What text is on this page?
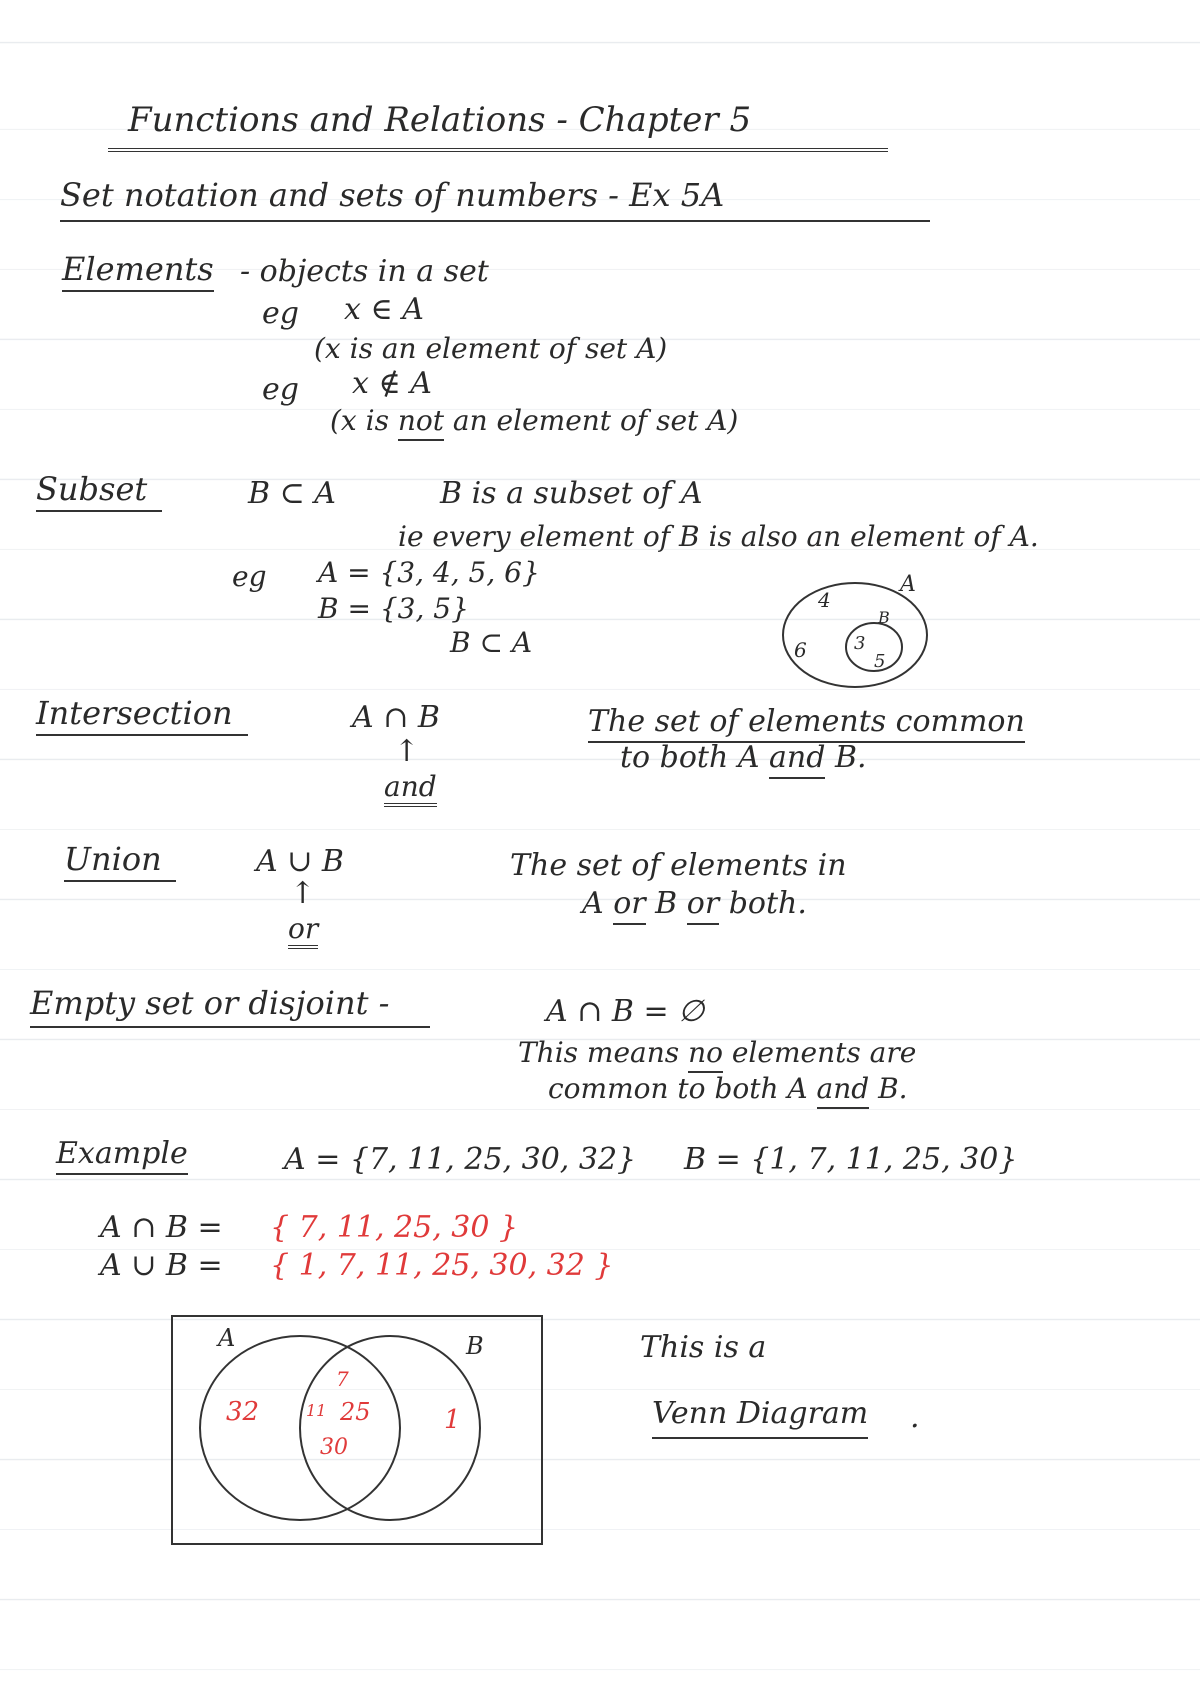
Functions and Relations - Chapter 5
Set notation and sets of numbers - Ex 5A
Elements - objects in a set
eg x ∈ A
(x is an element of set A)
eg x ∉ A
(x is not an element of set A)
Subset	B ⊂ A	B is a subset of A
ie every element of B is also an element of A.
eg A = {3, 4, 5, 6}
B = {3, 5}
B ⊂ A
A
B
4
6	3
5
Intersection	A ∩ B
↑
and
The set of elements common
to both A and B.
Union	A ∪ B
↑
or
The set of elements in
A or B or both.
Empty set or disjoint -	A ∩ B = ∅
This means no elements are
common to both A and B.
Example	A = {7, 11, 25, 30, 32} B = {1, 7, 11, 25, 30}
A ∩ B = { 7, 11, 25, 30 }
A ∪ B = { 1, 7, 11, 25, 30, 32 }
A	B
32
7
11 25
30
1
This is a
Venn Diagram .
